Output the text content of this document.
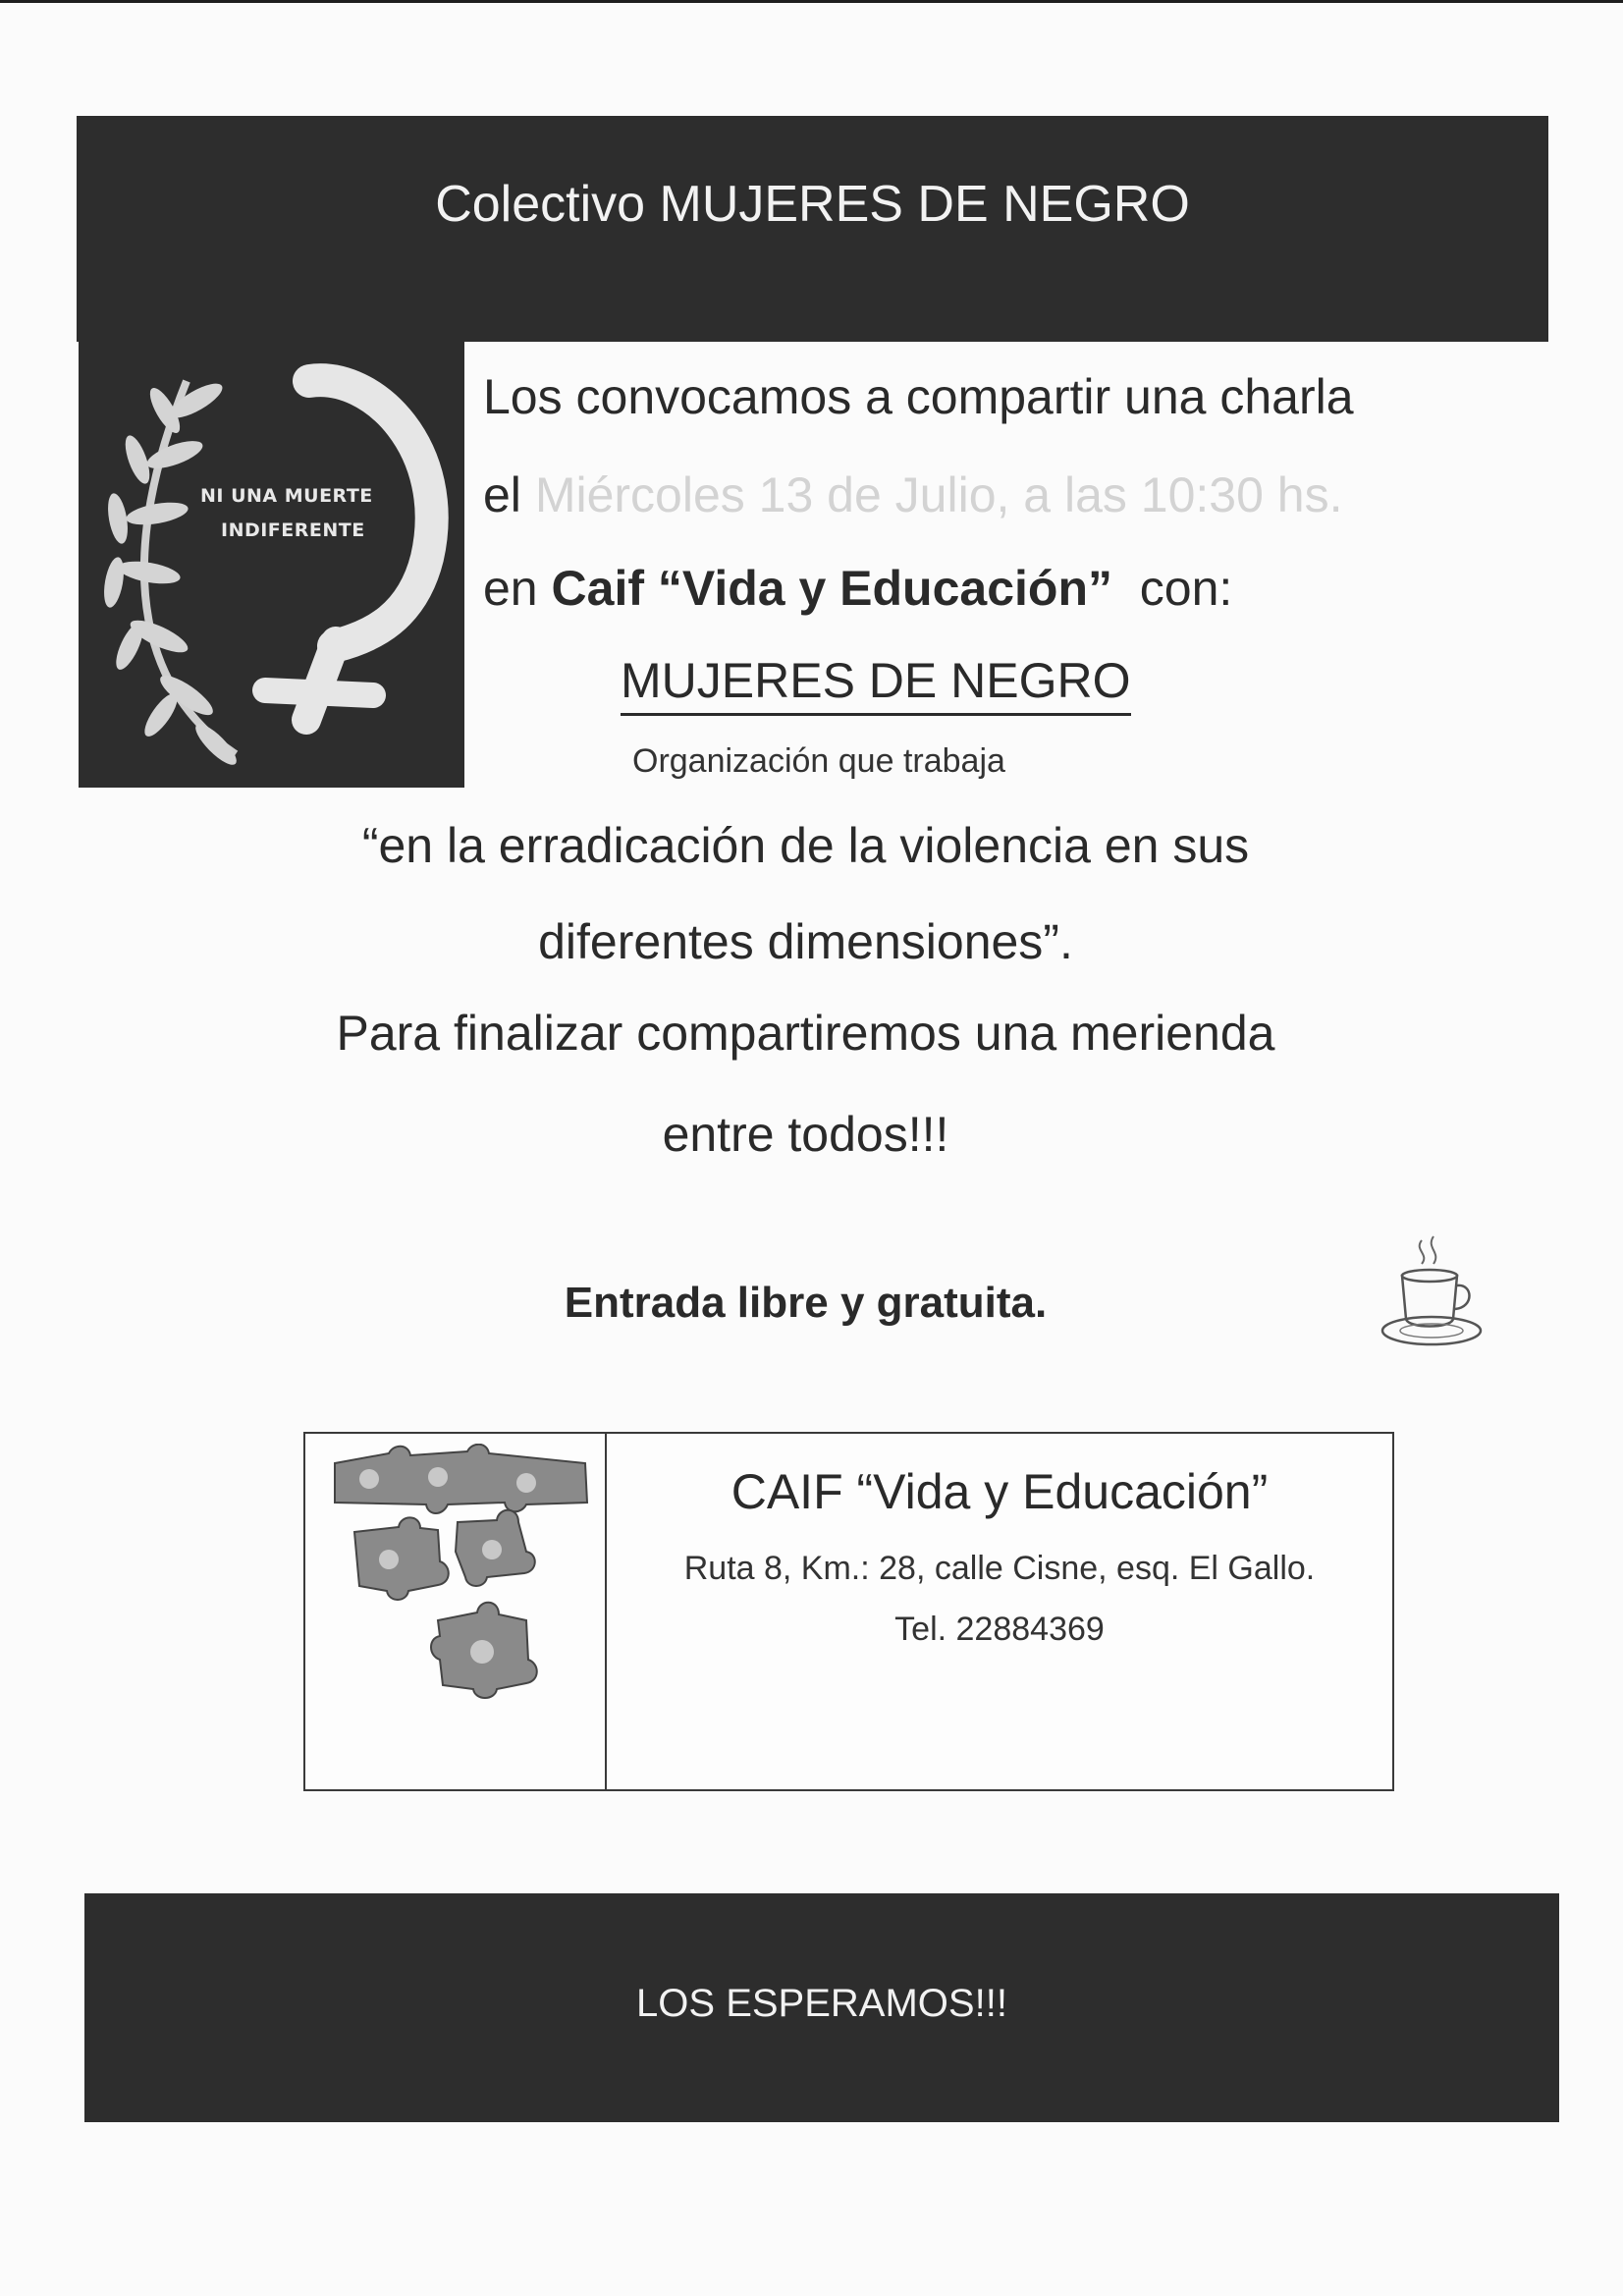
Colectivo MUJERES DE NEGRO
NI UNA MUERTE
INDIFERENTE
Los convocamos a compartir una charla
el Miércoles 13 de Julio, a las 10:30 hs.
en Caif “Vida y Educación” con:
MUJERES DE NEGRO
Organización que trabaja
“en la erradicación de la violencia en sus
diferentes dimensiones”.
Para finalizar compartiremos una merienda
entre todos!!!
Entrada libre y gratuita.
CAIF “Vida y Educación”
Ruta 8, Km.: 28, calle Cisne, esq. El Gallo.
Tel. 22884369
LOS ESPERAMOS!!!
